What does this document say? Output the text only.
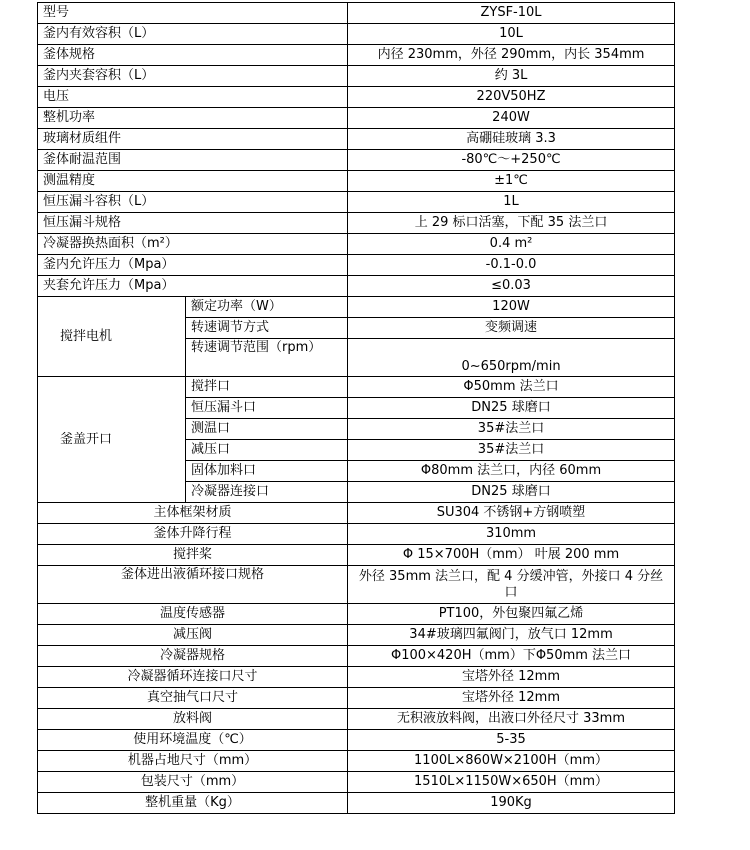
型号		ZYSF-10L
釜内有效容积（L）		10L
釜体规格		内径 230mm，外径 290mm，内长 354mm
釜内夹套容积（L）		约 3L
电压		220V50HZ
整机功率		240W
玻璃材质组件		高硼硅玻璃 3.3
釜体耐温范围		-80℃～+250℃
测温精度		±1℃
恒压漏斗容积（L）		1L
恒压漏斗规格		上 29 标口活塞，下配 35 法兰口
冷凝器换热面积（m²）		0.4 m²
釜内允许压力（Mpa）		-0.1-0.0
夹套允许压力（Mpa）		≤0.03
搅拌电机	额定功率（W）	120W
	转速调节方式	变频调速
	转速调节范围（rpm）	0~650rpm/min
釜盖开口	搅拌口	Φ50mm 法兰口
	恒压漏斗口	DN25 球磨口
	测温口	35#法兰口
	减压口	35#法兰口
	固体加料口	Φ80mm 法兰口，内径 60mm
	冷凝器连接口	DN25 球磨口
主体框架材质		SU304 不锈钢+方钢喷塑
釜体升降行程		310mm
搅拌桨		Φ 15×700H（mm） 叶展 200 mm
釜体进出液循环接口规格		外径 35mm 法兰口，配 4 分缓冲管，外接口 4 分丝口
温度传感器		PT100，外包聚四氟乙烯
减压阀		34#玻璃四氟阀门，放气口 12mm
冷凝器规格		Φ100×420H（mm）下Φ50mm 法兰口
冷凝器循环连接口尺寸		宝塔外径 12mm
真空抽气口尺寸		宝塔外径 12mm
放料阀		无积液放料阀，出液口外径尺寸 33mm
使用环境温度（℃）		5-35
机器占地尺寸（mm）		1100L×860W×2100H（mm）
包装尺寸（mm）		1510L×1150W×650H（mm）
整机重量（Kg）		190Kg
